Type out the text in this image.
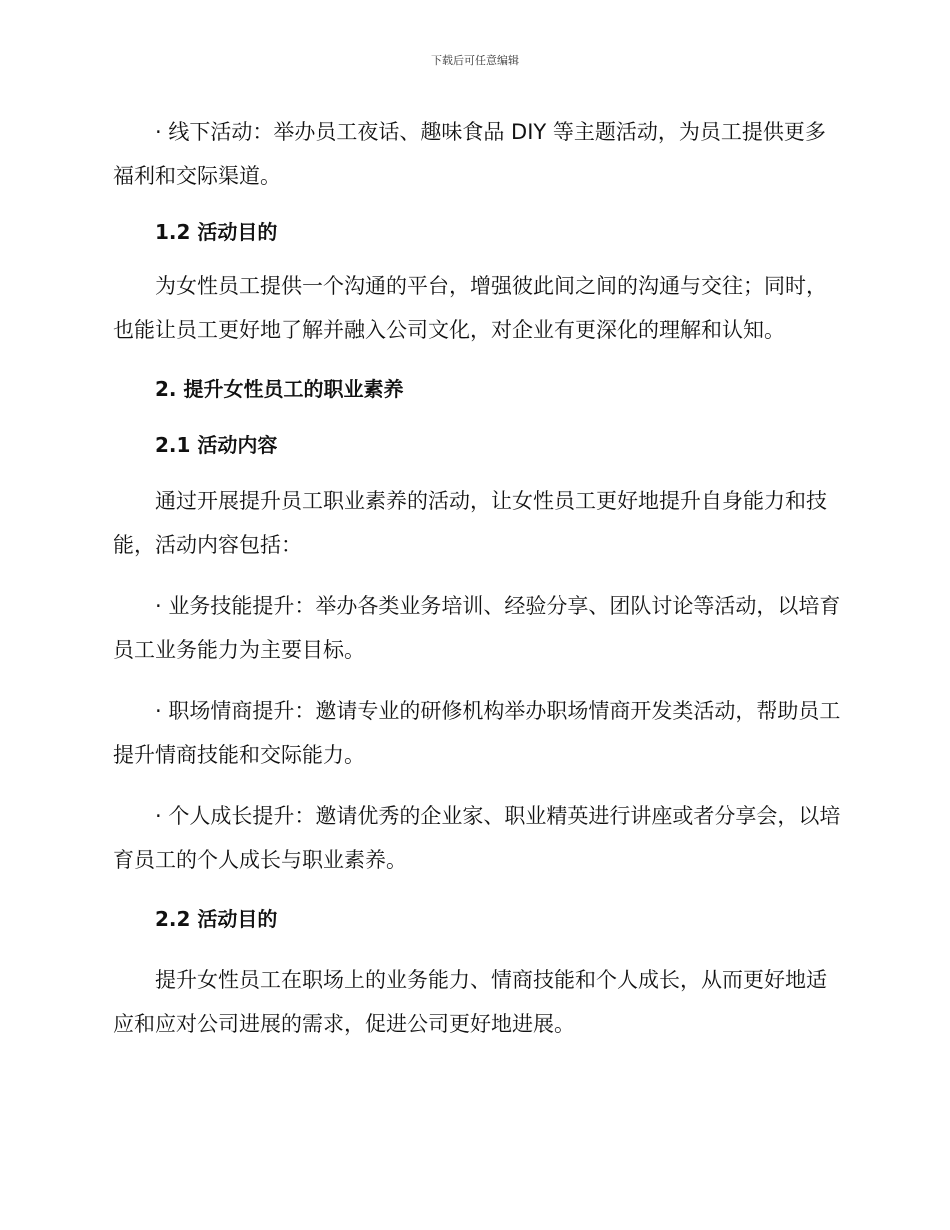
下载后可任意编辑

· 线下活动：举办员工夜话、趣味食品 DIY 等主题活动，为员工提供更多福利和交际渠道。

1.2 活动目的

为女性员工提供一个沟通的平台，增强彼此间之间的沟通与交往；同时，也能让员工更好地了解并融入公司文化，对企业有更深化的理解和认知。

2. 提升女性员工的职业素养
2.1 活动内容

通过开展提升员工职业素养的活动，让女性员工更好地提升自身能力和技能，活动内容包括：

· 业务技能提升：举办各类业务培训、经验分享、团队讨论等活动，以培育员工业务能力为主要目标。

· 职场情商提升：邀请专业的研修机构举办职场情商开发类活动，帮助员工提升情商技能和交际能力。

· 个人成长提升：邀请优秀的企业家、职业精英进行讲座或者分享会，以培育员工的个人成长与职业素养。

2.2 活动目的

提升女性员工在职场上的业务能力、情商技能和个人成长，从而更好地适应和应对公司进展的需求，促进公司更好地进展。
